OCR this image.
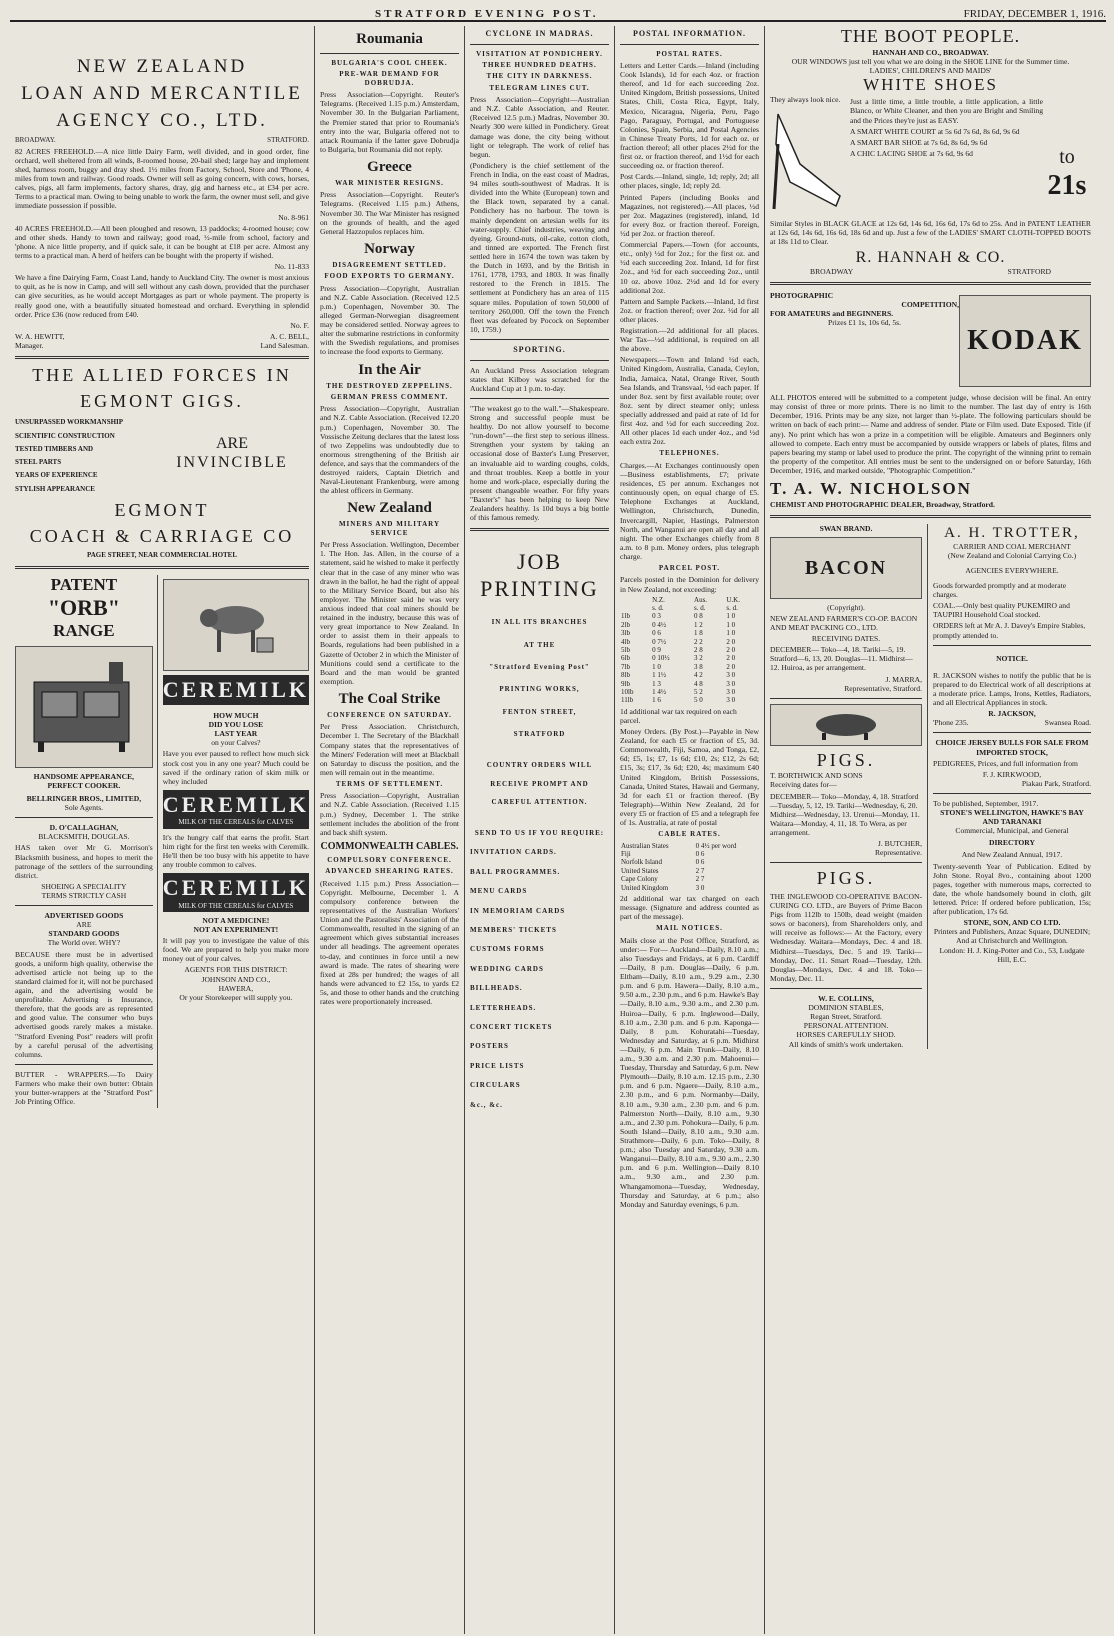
STRATFORD EVENING POST.	FRIDAY, DECEMBER 1, 1916.
NEW ZEALAND
LOAN AND MERCANTILE
AGENCY CO., LTD.
BROADWAY.	STRATFORD.

82 ACRES FREEHOLD.—A nice little Dairy Farm, well divided, and in good order, fine orchard, well sheltered from all winds, 8-roomed house, 20-bail shed; large hay and implement shed, harness room, buggy and dray shed. 1½ miles from Factory, School, Store and 'Phone, 4 miles from town and railway. Good roads. Owner will sell as going concern, with cows, horses, calves, pigs, all farm implements, factory shares, dray, gig and harness etc., at £34 per acre. Terms to a practical man. Owing to being unable to work the farm, the owner must sell, and give immediate possession if possible.

No. 8-961

40 ACRES FREEHOLD.—All been ploughed and resown, 13 paddocks; 4-roomed house; cow and other sheds. Handy to town and railway; good road, ½-mile from school, factory and 'phone. A nice little property, and if quick sale, it can be bought at £18 per acre. Almost any terms to a practical man. A herd of heifers can be bought with the property if wished.

No. 11-833

We have a fine Dairying Farm, Coast Land, handy to Auckland City. The owner is most anxious to quit, as he is now in Camp, and will sell without any cash down, provided that the purchaser can give securities, as he would accept Mortgages as part or whole payment. The property is really good one, with a beautifully situated homestead and orchard. Everything in splendid order. Price £36 (now reduced from £40.

No. F.

W. A. HEWITT,
Manager.
A. C. BELL,
Land Salesman.
THE ALLIED FORCES IN
EGMONT GIGS.
UNSURPASSED WORKMANSHIP
SCIENTIFIC CONSTRUCTION
TESTED TIMBERS AND
STEEL PARTS
YEARS OF EXPERIENCE
STYLISH APPEARANCE
ARE
INVINCIBLE
EGMONT
COACH & CARRIAGE CO
PAGE STREET, NEAR COMMERCIAL HOTEL
PATENT
"ORB"
RANGE
HANDSOME APPEARANCE,
PERFECT COOKER.
BELLRINGER BROS., LIMITED,
Sole Agents.
D. O'CALLAGHAN,
BLACKSMITH, DOUGLAS.

HAS taken over Mr G. Morrison's Blacksmith business, and hopes to merit the patronage of the settlers of the surrounding district.

SHOEING A SPECIALITY
TERMS STRICTLY CASH
ADVERTISED GOODS
ARE
STANDARD GOODS
The World over. WHY?

BECAUSE there must be in advertised goods, a uniform high quality, otherwise the advertised article not being up to the standard claimed for it, will not be purchased again, and the advertising would be unprofitable. Advertising is Insurance, therefore, that the goods are as represented and good value. The consumer who buys advertised goods rarely makes a mistake. "Stratford Evening Post" readers will profit by a careful perusal of the advertising columns.

BUTTER - WRAPPERS.—To Dairy Farmers who make their own butter: Obtain your butter-wrappers at the "Stratford Post" Job Printing Office.

CEREMILK
HOW MUCH
DID YOU LOSE
LAST YEAR
on your Calves?

Have you ever paused to reflect how much sick stock cost you in any one year? Much could be saved if the ordinary ration of skim milk or whey included

CEREMILK
MILK OF THE CEREALS for CALVES

It's the hungry calf that earns the profit. Start him right for the first ten weeks with Ceremilk. He'll then be too busy with his appetite to have any trouble common to calves.

CEREMILK
MILK OF THE CEREALS for CALVES
NOT A MEDICINE!
NOT AN EXPERIMENT!

It will pay you to investigate the value of this food. We are prepared to help you make more money out of your calves.

AGENTS FOR THIS DISTRICT:
JOHNSON AND CO.,
HAWERA,
Or your Storekeeper will supply you.
Roumania
BULGARIA'S COOL CHEEK.
PRE-WAR DEMAND FOR DOBRUDJA.

Press Association—Copyright. Reuter's Telegrams. (Received 1.15 p.m.) Amsterdam, November 30. In the Bulgarian Parliament, the Premier stated that prior to Roumania's entry into the war, Bulgaria offered not to attack Roumania if the latter gave Dobrudja to Bulgaria, but Roumania did not reply.

Greece
WAR MINISTER RESIGNS.

Press Association—Copyright. Reuter's Telegrams. (Received 1.15 p.m.) Athens, November 30. The War Minister has resigned on the grounds of health, and the aged General Hazzopulos replaces him.

Norway
DISAGREEMENT SETTLED.
FOOD EXPORTS TO GERMANY.

Press Association—Copyright, Australian and N.Z. Cable Association. (Received 12.5 p.m.) Copenhagen, November 30. The alleged German-Norwegian disagreement may be considered settled. Norway agrees to alter the submarine restrictions in conformity with the Swedish regulations, and promises to increase the food exports to Germany.

In the Air
THE DESTROYED ZEPPELINS.
GERMAN PRESS COMMENT.

Press Association—Copyright, Australian and N.Z. Cable Association. (Received 12.20 p.m.) Copenhagen, November 30. The Vossische Zeitung declares that the latest loss of two Zeppelins was undoubtedly due to enormous strengthening of the British air defence, and says that the commanders of the destroyed raiders, Captain Dietrich and Naval-Lieutenant Frankenburg, were among the ablest officers in Germany.

New Zealand
MINERS AND MILITARY SERVICE

Per Press Association. Wellington, December 1. The Hon. Jas. Allen, in the course of a statement, said he wished to make it perfectly clear that in the case of any miner who was drawn in the ballot, he had the right of appeal to the Military Service Board, but also his employer. The Minister said he was very anxious indeed that coal miners should be retained in the industry, because this was of very great importance to New Zealand. In order to assist them in their appeals to Boards, regulations had been published in a Gazette of October 2 in which the Minister of Munitions could send a certificate to the Board and the man would be granted exemption.

The Coal Strike
CONFERENCE ON SATURDAY.

Per Press Association. Christchurch, December 1. The Secretary of the Blackball Company states that the representatives of the Miners' Federation will meet at Blackball on Saturday to discuss the position, and the men will remain out in the meantime.

TERMS OF SETTLEMENT.

Press Association—Copyright, Australian and N.Z. Cable Association. (Received 1.15 p.m.) Sydney, December 1. The strike settlement includes the abolition of the front and back shift system.

COMMONWEALTH CABLES.
COMPULSORY CONFERENCE.
ADVANCED SHEARING RATES.

(Received 1.15 p.m.) Press Association—Copyright. Melbourne, December 1. A compulsory conference between the representatives of the Australian Workers' Union and the Pastoralists' Association of the Commonwealth, resulted in the signing of an agreement which gives substantial increases under all headings. The agreement operates to-day, and continues in force until a new award is made. The rates of shearing were fixed at 28s per hundred; the wages of all hands were advanced to £2 15s, to yards £2 5s, and those to other hands and the crutching rates were proportionately increased.

CYCLONE IN MADRAS.
VISITATION AT PONDICHERY.
THREE HUNDRED DEATHS.
THE CITY IN DARKNESS.
TELEGRAM LINES CUT.

Press Association—Copyright—Australian and N.Z. Cable Association, and Reuter. (Received 12.5 p.m.) Madras, November 30. Nearly 300 were killed in Pondichery. Great damage was done, the city being without light or telegraph. The work of relief has begun.

(Pondichery is the chief settlement of the French in India, on the east coast of Madras, 94 miles south-southwest of Madras. It is divided into the White (European) town and the Black town, separated by a canal. Pondichery has no harbour. The town is mainly dependent on artesian wells for its water-supply. Chief industries, weaving and dyeing. Ground-nuts, oil-cake, cotton cloth, and tinned are exported. The French first settled here in 1674 the town was taken by the Dutch in 1693, and by the British in 1761, 1778, 1793, and 1803. It was finally restored to the French in 1815. The settlement at Pondichery has an area of 115 square miles. Population of town 50,000 of territory 260,000. Off the town the French fleet was defeated by Pocock on September 10, 1759.)

SPORTING.

An Auckland Press Association telegram states that Kilboy was scratched for the Auckland Cup at 1 p.m. to-day.

"The weakest go to the wall."—Shakespeare. Strong and successful people must be healthy. Do not allow yourself to become "run-down"—the first step to serious illness. Strengthen your system by taking an occasional dose of Baxter's Lung Preserver, an invaluable aid to warding coughs, colds, and throat troubles. Keep a bottle in your home and work-place, especially during the present changeable weather. For fifty years "Baxter's" has been helping to keep New Zealanders healthy. 1s 10d buys a big bottle of this famous remedy.

JOB
PRINTING
IN ALL ITS BRANCHES
AT THE
"Stratford Evening Post"
PRINTING WORKS,
FENTON STREET,
STRATFORD
COUNTRY ORDERS WILL RECEIVE PROMPT AND CAREFUL ATTENTION.
SEND TO US IF YOU REQUIRE:
INVITATION CARDS.
BALL PROGRAMMES.
MENU CARDS
IN MEMORIAM CARDS
MEMBERS' TICKETS
CUSTOMS FORMS
WEDDING CARDS
BILLHEADS.
LETTERHEADS.
CONCERT TICKETS
POSTERS
PRICE LISTS
CIRCULARS
&c., &c.
POSTAL INFORMATION.
POSTAL RATES.

Letters and Letter Cards.—Inland (including Cook Islands), 1d for each 4oz. or fraction thereof, and 1d for each succeeding 2oz. United Kingdom, British possessions, United States, Chili, Costa Rica, Egypt, Italy, Mexico, Nicaragua, Nigeria, Peru, Pago Pago, Paraguay, Portugal, and Portuguese Colonies, Spain, Serbia, and Postal Agencies in Chinese Treaty Ports, 1d for each oz. or fraction thereof; all other places 2½d for the first oz. or fraction thereof, and 1½d for each succeeding oz. or fraction thereof.

Post Cards.—Inland, single, 1d; reply, 2d; all other places, single, 1d; reply 2d.

Printed Papers (including Books and Magazines, not registered).—All places, ½d per 2oz. Magazines (registered), inland, 1d for every 8oz. or fraction thereof. Foreign, ½d per 2oz. or fraction thereof.

Commercial Papers.—Town (for accounts, etc., only) ½d for 2oz.; for the first oz. and ½d each succeeding 2oz. Inland, 1d for first 2oz., and ½d for each succeeding 2oz., until 10 oz. above 10oz. 2½d and 1d for every additional 2oz.

Pattern and Sample Packets.—Inland, 1d first 2oz. or fraction thereof; over 2oz. ½d for all other places.

Registration.—2d additional for all places. War Tax—½d additional, is required on all the above.

Newspapers.—Town and Inland ½d each, United Kingdom, Australia, Canada, Ceylon, India, Jamaica, Natal, Orange River, South Sea Islands, and Transvaal, ½d each paper. If under 8oz. sent by first available route; over 8oz. sent by direct steamer only; unless specially addressed and paid at rate of 1d for first 4oz. and ½d for each succeeding 2oz. All other places 1d each under 4oz., and ½d each extra 2oz.

TELEPHONES.

Charges.—At Exchanges continuously open—Business establishments, £7; private residences, £5 per annum. Exchanges not continuously open, on equal charge of £5. Telephone Exchanges at Auckland, Wellington, Christchurch, Dunedin, Invercargill, Napier, Hastings, Palmerston North, and Wanganui are open all day and all night. The other Exchanges chiefly from 8 a.m. to 8 p.m. Money orders, plus telegraph charge.

PARCEL POST.

Parcels posted in the Dominion for delivery in New Zealand, not exceeding:

	N.Z.	Aus.	U.K.
	s. d.	s. d.	s. d.
1lb	0 3	0 8	1 0
2lb	0 4½	1 2	1 0
3lb	0 6	1 8	1 0
4lb	0 7½	2 2	2 0
5lb	0 9	2 8	2 0
6lb	0 10½	3 2	2 0
7lb	1 0	3 8	2 0
8lb	1 1½	4 2	3 0
9lb	1 3	4 8	3 0
10lb	1 4½	5 2	3 0
11lb	1 6	5 0	3 0

1d additional war tax required on each parcel.

Money Orders. (By Post.)—Payable in New Zealand, for each £5 or fraction of £5, 3d. Commonwealth, Fiji, Samoa, and Tonga, £2, 6d; £5, 1s; £7, 1s 6d; £10, 2s; £12, 2s 6d; £15, 3s; £17, 3s 6d; £20, 4s; maximum £40 United Kingdom, British Possessions, Canada, United States, Hawaii and Germany, 3d for each £1 or fraction thereof. (By Telegraph)—Within New Zealand, 2d for every £5 or fraction of £5 and a telegraph fee of 1s. Australia, at rate of postal

CABLE RATES.
Australian States	0 4½ per word
Fiji	0 6
Norfolk Island	0 6
United States	2 7
Cape Colony	2 7
United Kingdom	3 0

2d additional war tax charged on each message. (Signature and address counted as part of the message).

MAIL NOTICES.

Mails close at the Post Office, Stratford, as under:— For— Auckland—Daily, 8.10 a.m.; also Tuesdays and Fridays, at 6 p.m. Cardiff—Daily, 8 p.m. Douglas—Daily, 6 p.m. Eltham—Daily, 8.10 a.m., 9.29 a.m., 2.30 p.m. and 6 p.m. Hawera—Daily, 8.10 a.m., 9.50 a.m., 2.30 p.m., and 6 p.m. Hawke's Bay—Daily, 8.10 a.m., 9.30 a.m., and 2.30 p.m. Huiroa—Daily, 6 p.m. Inglewood—Daily, 8.10 a.m., 2.30 p.m. and 6 p.m. Kaponga—Daily, 8 p.m. Kohuratahi—Tuesday, Wednesday and Saturday, at 6 p.m. Midhirst—Daily, 6 p.m. Main Trunk—Daily, 8.10 a.m., 9.30 a.m. and 2.30 p.m. Mahoenui—Tuesday, Thursday and Saturday, 6 p.m. New Plymouth—Daily, 8.10 a.m. 12.15 p.m., 2.30 p.m. and 6 p.m. Ngaere—Daily, 8.10 a.m., 2.30 p.m., and 6 p.m. Normanby—Daily, 8.10 a.m., 9.30 a.m., 2.30 p.m. and 6 p.m. Palmerston North—Daily, 8.10 a.m., 9.30 a.m., and 2.30 p.m. Pohokura—Daily, 6 p.m. South Island—Daily, 8.10 a.m., 9.30 a.m. Strathmore—Daily, 6 p.m. Toko—Daily, 8 p.m.; also Tuesday and Saturday, 9.30 a.m. Wanganui—Daily, 8.10 a.m., 9.30 a.m., 2.30 p.m. and 6 p.m. Wellington—Daily 8.10 a.m., 9.30 a.m., and 2.30 p.m. Whangamomona—Tuesday, Wednesday, Thursday and Saturday, at 6 p.m.; also Monday and Saturday evenings, 6 p.m.

THE BOOT PEOPLE.
HANNAH AND CO., BROADWAY.
OUR WINDOWS just tell you what we are doing in the SHOE LINE for the Summer time.
LADIES', CHILDREN'S AND MAIDS'
WHITE SHOES
They always look nice.	Just a little time, a little trouble, a little application, a little Blanco, or White Cleaner, and then you are Bright and Smiling and the Prices they're just as EASY.

A SMART WHITE COURT at 5s 6d 7s 6d, 8s 6d, 9s 6d

A SMART BAR SHOE at 7s 6d, 8s 6d, 9s 6d

A CHIC LACING SHOE at 7s 6d, 9s 6d	to
21s

Similar Styles in BLACK GLACE at 12s 6d, 14s 6d, 16s 6d, 17s 6d to 25s. And in PATENT LEATHER at 12s 6d, 14s 6d, 16s 6d, 18s 6d and up. Just a few of the LADIES' SMART CLOTH-TOPPED BOOTS at 18s 11d to Clear.

R. HANNAH & CO.
BROADWAY	STRATFORD
PHOTOGRAPHIC
COMPETITION,
FOR AMATEURS and BEGINNERS.
Prizes £1 1s, 10s 6d, 5s.
KODAK

ALL PHOTOS entered will be submitted to a competent judge, whose decision will be final. An entry may consist of three or more prints. There is no limit to the number. The last day of entry is 16th December, 1916. Prints may be any size, not larger than ½-plate. The following particulars should be written on back of each print:— Name and address of sender. Plate or Film used. Date Exposed. Title (if any). No print which has won a prize in a competition will be eligible. Amateurs and Beginners only allowed to compete. Each entry must be accompanied by outside wrappers or labels of plates, films and papers bearing my stamp or label used to produce the print. The copyright of the winning print to remain the property of the competitor. All entries must be sent to the undersigned on or before Saturday, 16th December, 1916, and marked outside, "Photographic Competition."

T. A. W. NICHOLSON
CHEMIST AND PHOTOGRAPHIC DEALER, Broadway, Stratford.
SWAN BRAND.
BACON
(Copyright).

NEW ZEALAND FARMER'S CO-OP. BACON AND MEAT PACKING CO., LTD.

RECEIVING DATES.

DECEMBER— Toko—4, 18. Tariki—5, 19. Stratford—6, 13, 20. Douglas—11. Midhirst—12. Huiroa, as per arrangement.

J. MARRA,
Representative, Stratford.
PIGS.
T. BORTHWICK AND SONS
Receiving dates for—

DECEMBER— Toko—Monday, 4, 18. Stratford—Tuesday, 5, 12, 19. Tariki—Wednesday, 6, 20. Midhirst—Wednesday, 13. Urenui—Monday, 11. Waitara—Monday, 4, 11, 18. To Wera, as per arrangement.

J. BUTCHER,
Representative.
PIGS.

THE INGLEWOOD CO-OPERATIVE BACON-CURING CO. LTD., are Buyers of Prime Bacon Pigs from 112lb to 150lb, dead weight (maiden sows or baconers), from Shareholders only, and will receive as follows:— At the Factory, every Wednesday. Waitara—Mondays, Dec. 4 and 18. Midhirst—Tuesdays, Dec. 5 and 19. Tariki—Monday, Dec. 11. Smart Road—Tuesday, 12th. Douglas—Mondays, Dec. 4 and 18. Toko—Monday, Dec. 11.

W. E. COLLINS,
DOMINION STABLES,
Regan Street, Stratford.
PERSONAL ATTENTION.
HORSES CAREFULLY SHOD.
All kinds of smith's work undertaken.
A. H. TROTTER,
CARRIER AND COAL MERCHANT
(New Zealand and Colonial Carrying Co.)
AGENCIES EVERYWHERE.

Goods forwarded promptly and at moderate charges.

COAL.—Only best quality PUKEMIRO and TAUPIRI Household Coal stocked.

ORDERS left at Mr A. J. Davey's Empire Stables, promptly attended to.

NOTICE.

R. JACKSON wishes to notify the public that he is prepared to do Electrical work of all descriptions at a moderate price. Lamps, Irons, Kettles, Radiators, and all Electrical Appliances in stock.

R. JACKSON,
'Phone 235.	Swansea Road.
CHOICE JERSEY BULLS FOR SALE FROM IMPORTED STOCK,

PEDIGREES, Prices, and full information from

F. J. KIRKWOOD,
Piakau Park, Stratford.
To be published, September, 1917.
STONE'S WELLINGTON, HAWKE'S BAY AND TARANAKI
Commercial, Municipal, and General
DIRECTORY
And New Zealand Annual, 1917.

Twenty-seventh Year of Publication. Edited by John Stone. Royal 8vo., containing about 1200 pages, together with numerous maps, corrected to date, the whole handsomely bound in cloth, gilt lettered. Price: If ordered before publication, 15s; after publication, 17s 6d.

STONE, SON, AND CO LTD.
Printers and Publishers, Anzac Square, DUNEDIN;
And at Christchurch and Wellington.
London: H. J. King-Potter and Co., 53, Ludgate Hill, E.C.
